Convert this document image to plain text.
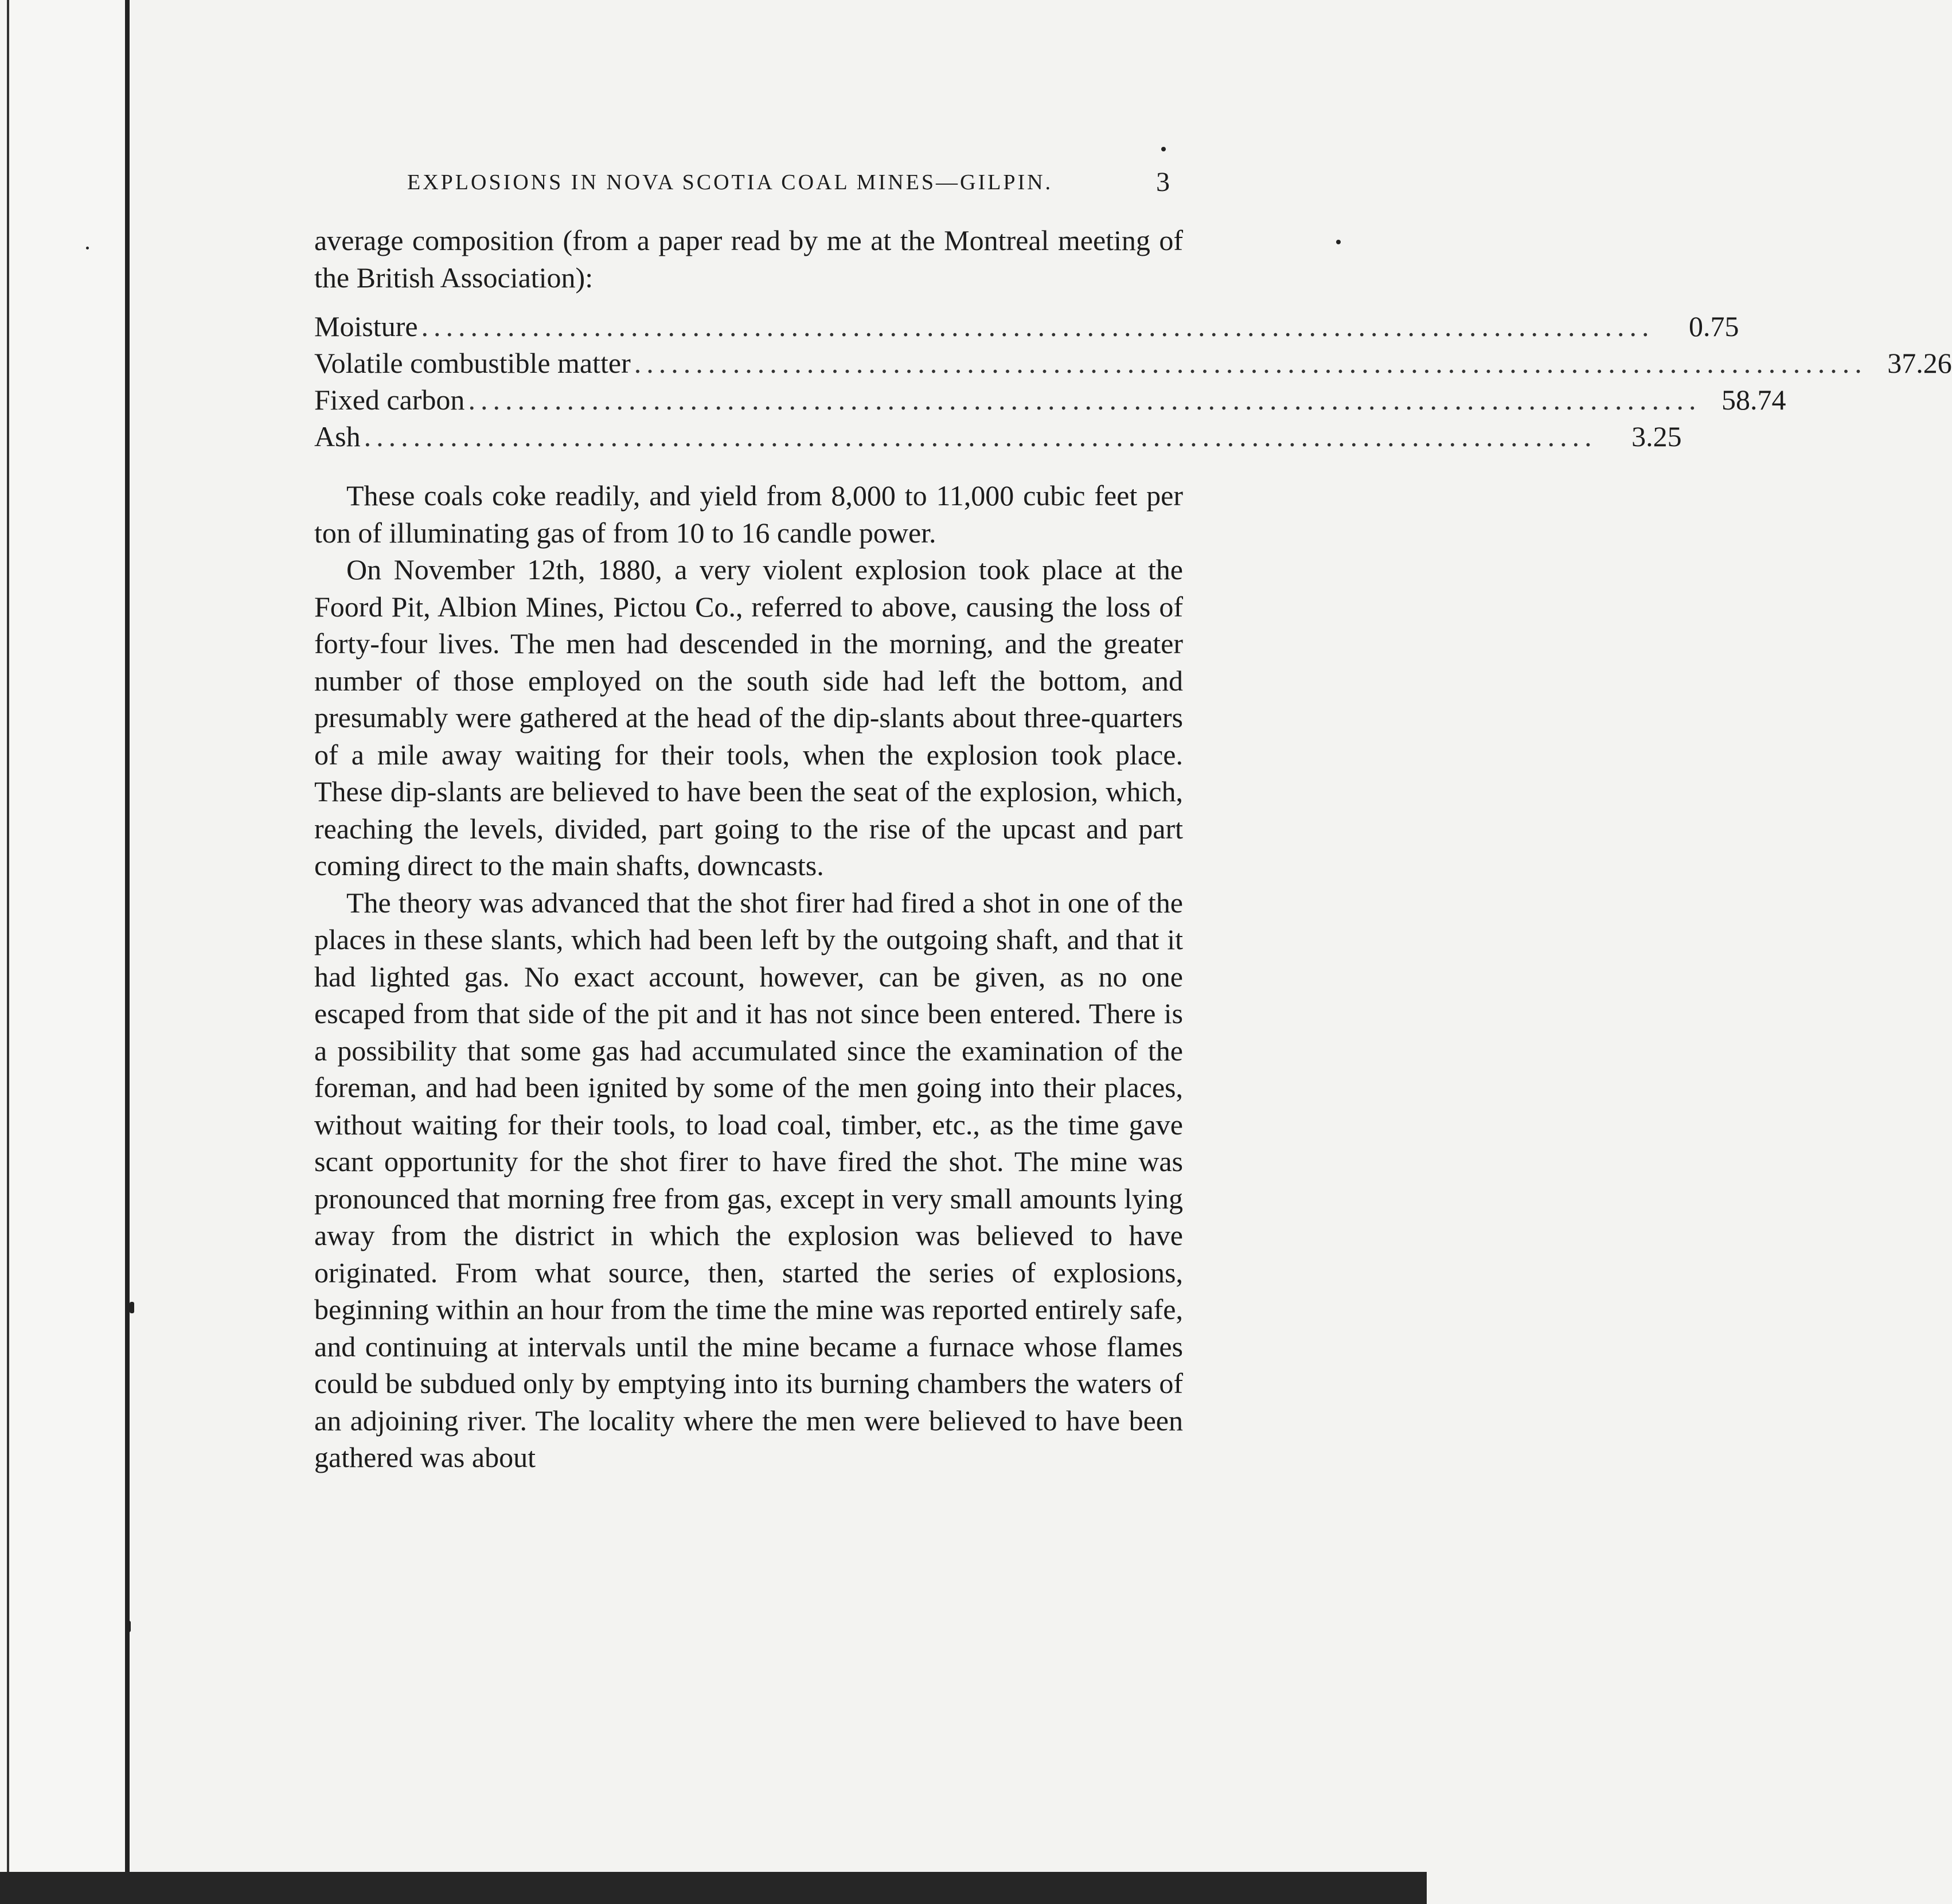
EXPLOSIONS IN NOVA SCOTIA COAL MINES—GILPIN.	3

average composition (from a paper read by me at the Montreal meeting of the British Association):

Moisture ....................................................................................................	0.75
Volatile combustible matter .................................................................................................... 37.26
Fixed carbon .................................................................................................... 58.74
Ash ....................................................................................................	3.25

These coals coke readily, and yield from 8,000 to 11,000 cubic feet per ton of illuminating gas of from 10 to 16 candle power.

On November 12th, 1880, a very violent explosion took place at the Foord Pit, Albion Mines, Pictou Co., referred to above, causing the loss of forty-four lives. The men had descended in the morning, and the greater number of those employed on the south side had left the bottom, and presumably were gathered at the head of the dip-slants about three-quarters of a mile away waiting for their tools, when the explosion took place. These dip-slants are believed to have been the seat of the explosion, which, reaching the levels, divided, part going to the rise of the upcast and part coming direct to the main shafts, downcasts.

The theory was advanced that the shot firer had fired a shot in one of the places in these slants, which had been left by the outgoing shaft, and that it had lighted gas. No exact account, however, can be given, as no one escaped from that side of the pit and it has not since been entered. There is a possibility that some gas had accumulated since the examination of the foreman, and had been ignited by some of the men going into their places, without waiting for their tools, to load coal, timber, etc., as the time gave scant opportunity for the shot firer to have fired the shot. The mine was pronounced that morning free from gas, except in very small amounts lying away from the district in which the explosion was believed to have originated. From what source, then, started the series of explosions, beginning within an hour from the time the mine was reported entirely safe, and continuing at intervals until the mine became a furnace whose flames could be subdued only by emptying into its burning chambers the waters of an adjoining river. The locality where the men were believed to have been gathered was about
